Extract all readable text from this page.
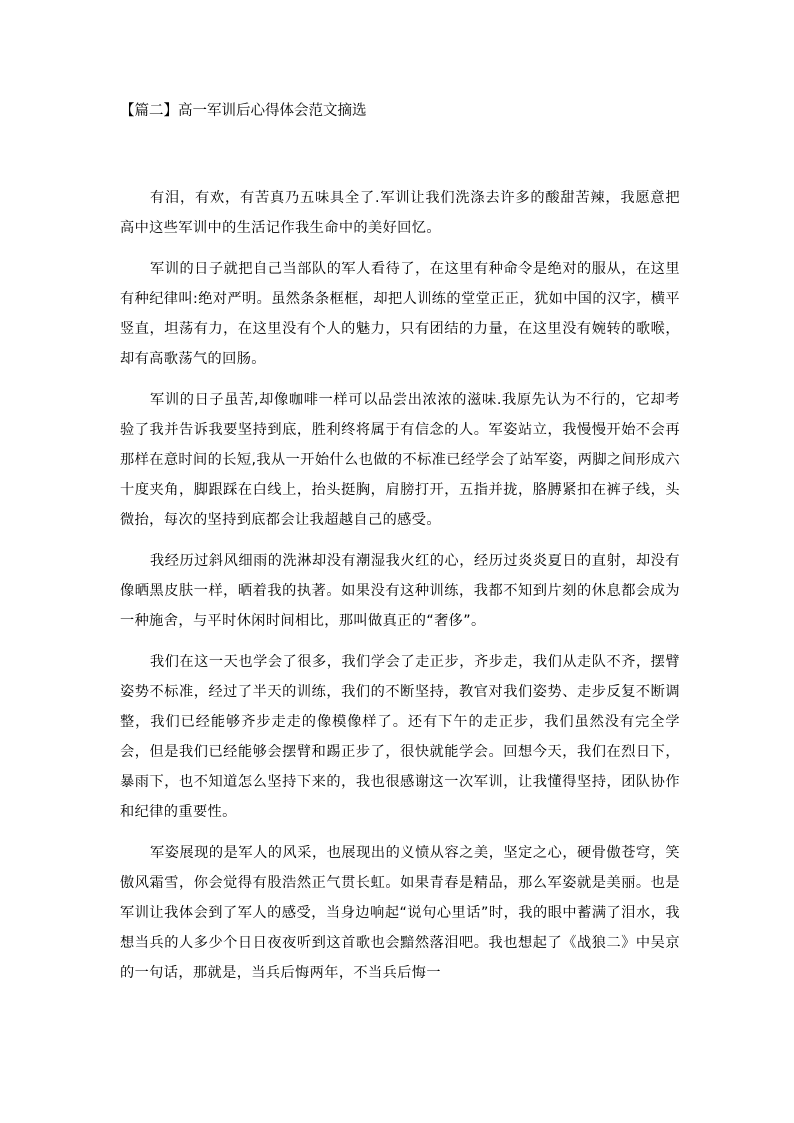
【篇二】高一军训后心得体会范文摘选

有泪，有欢，有苦真乃五味具全了.军训让我们洗涤去许多的酸甜苦辣，我愿意把高中这些军训中的生活记作我生命中的美好回忆。

军训的日子就把自己当部队的军人看待了，在这里有种命令是绝对的服从，在这里有种纪律叫:绝对严明。虽然条条框框，却把人训练的堂堂正正，犹如中国的汉字，横平竖直，坦荡有力，在这里没有个人的魅力，只有团结的力量，在这里没有婉转的歌喉，却有高歌荡气的回肠。

军训的日子虽苦,却像咖啡一样可以品尝出浓浓的滋味.我原先认为不行的，它却考验了我并告诉我要坚持到底，胜利终将属于有信念的人。军姿站立，我慢慢开始不会再那样在意时间的长短,我从一开始什么也做的不标准已经学会了站军姿，两脚之间形成六十度夹角，脚跟踩在白线上，抬头挺胸，肩膀打开，五指并拢，胳膊紧扣在裤子线，头微抬，每次的坚持到底都会让我超越自己的感受。

我经历过斜风细雨的洗淋却没有潮湿我火红的心，经历过炎炎夏日的直射，却没有像晒黑皮肤一样，晒着我的执著。如果没有这种训练，我都不知到片刻的休息都会成为一种施舍，与平时休闲时间相比，那叫做真正的“奢侈”。

我们在这一天也学会了很多，我们学会了走正步，齐步走，我们从走队不齐，摆臂姿势不标准，经过了半天的训练，我们的不断坚持，教官对我们姿势、走步反复不断调整，我们已经能够齐步走走的像模像样了。还有下午的走正步，我们虽然没有完全学会，但是我们已经能够会摆臂和踢正步了，很快就能学会。回想今天，我们在烈日下，暴雨下，也不知道怎么坚持下来的，我也很感谢这一次军训，让我懂得坚持，团队协作和纪律的重要性。

军姿展现的是军人的风采，也展现出的义愤从容之美，坚定之心，硬骨傲苍穹，笑傲风霜雪，你会觉得有股浩然正气贯长虹。如果青春是精品，那么军姿就是美丽。也是军训让我体会到了军人的感受，当身边响起“说句心里话”时，我的眼中蓄满了泪水，我想当兵的人多少个日日夜夜听到这首歌也会黯然落泪吧。我也想起了《战狼二》中吴京的一句话，那就是，当兵后悔两年，不当兵后悔一
